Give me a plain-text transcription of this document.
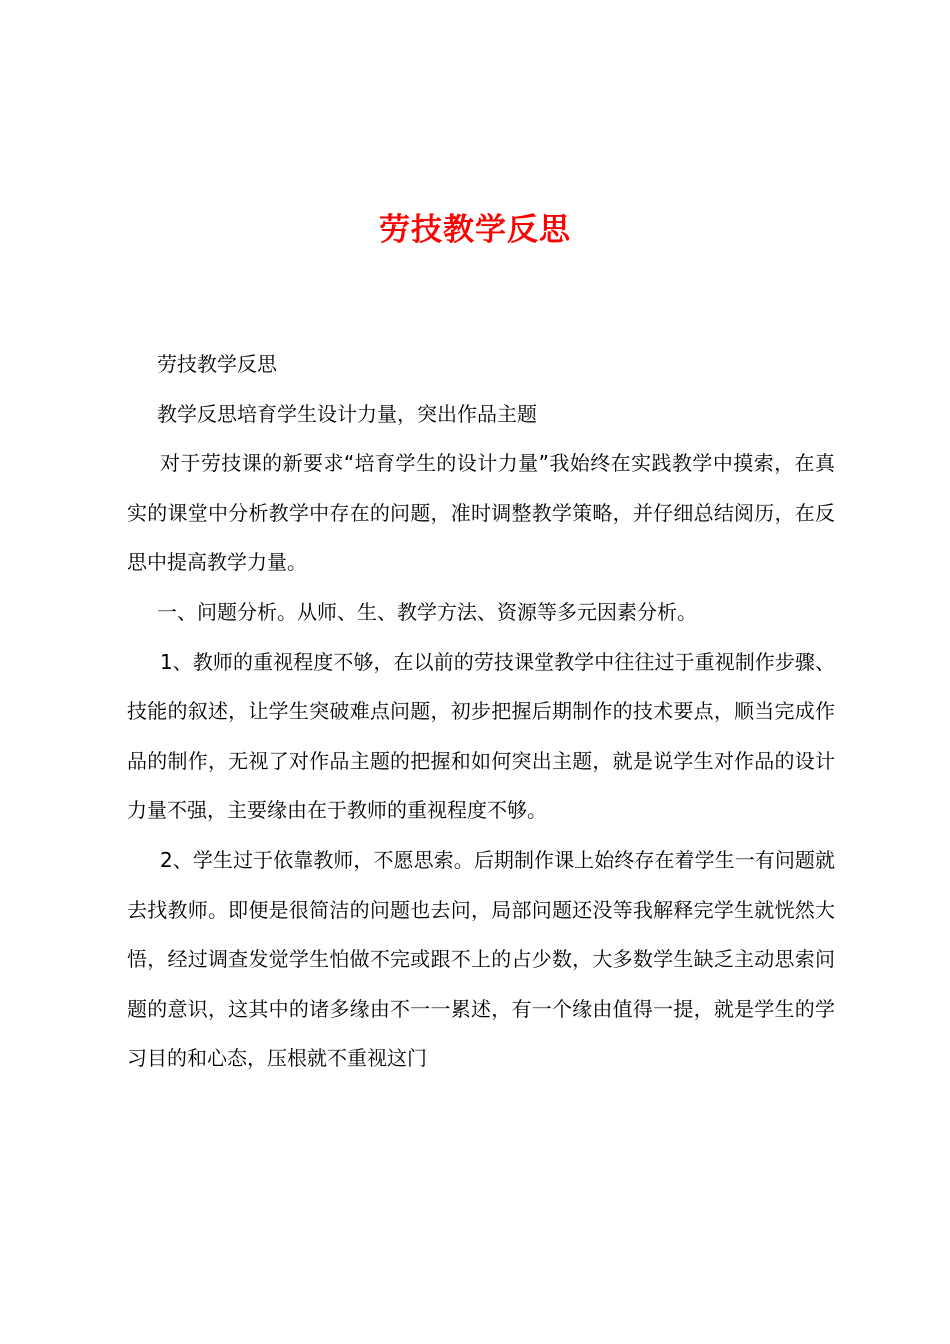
劳技教学反思

劳技教学反思

教学反思培育学生设计力量，突出作品主题

对于劳技课的新要求“培育学生的设计力量”我始终在实践教学中摸索，在真实的课堂中分析教学中存在的问题，准时调整教学策略，并仔细总结阅历，在反思中提高教学力量。

一、问题分析。从师、生、教学方法、资源等多元因素分析。

1、教师的重视程度不够，在以前的劳技课堂教学中往往过于重视制作步骤、技能的叙述，让学生突破难点问题，初步把握后期制作的技术要点，顺当完成作品的制作，无视了对作品主题的把握和如何突出主题，就是说学生对作品的设计力量不强，主要缘由在于教师的重视程度不够。

2、学生过于依靠教师，不愿思索。后期制作课上始终存在着学生一有问题就去找教师。即便是很简洁的问题也去问，局部问题还没等我解释完学生就恍然大悟，经过调查发觉学生怕做不完或跟不上的占少数，大多数学生缺乏主动思索问题的意识，这其中的诸多缘由不一一累述，有一个缘由值得一提，就是学生的学习目的和心态，压根就不重视这门
